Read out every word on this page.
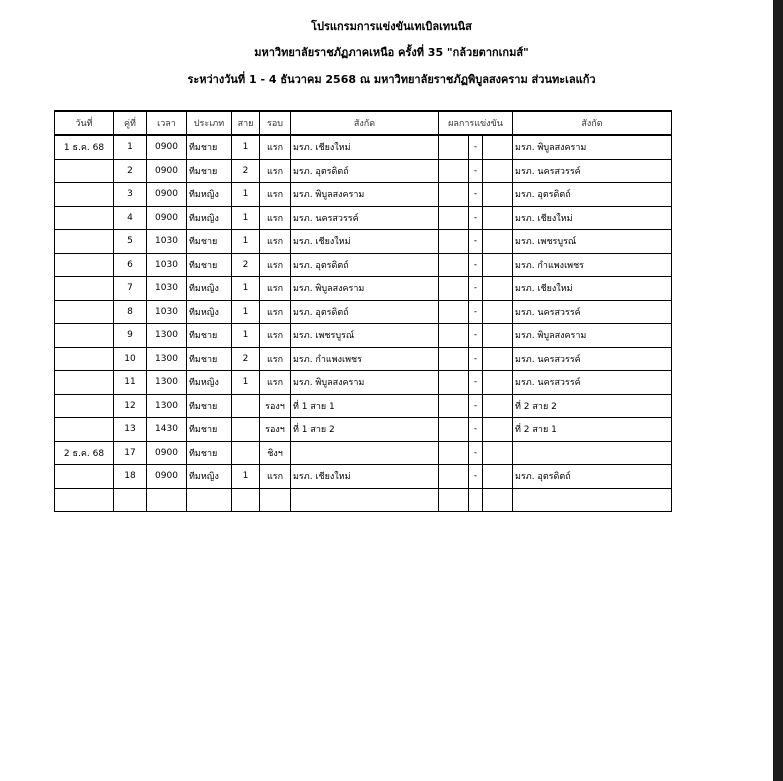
โปรแกรมการแข่งขันเทเบิลเทนนิส
มหาวิทยาลัยราชภัฏภาคเหนือ ครั้งที่ 35 "กล้วยตากเกมส์"
ระหว่างวันที่ 1 - 4 ธันวาคม 2568 ณ มหาวิทยาลัยราชภัฏพิบูลสงคราม ส่วนทะเลแก้ว
วันที่	คู่ที่	เวลา	ประเภท	สาย	รอบ	สังกัด	ผลการแข่งขัน			สังกัด
1 ธ.ค. 68	1	0900	ทีมชาย	1	แรก	มรภ. เชียงใหม่		-		มรภ. พิบูลสงคราม
	2	0900	ทีมชาย	2	แรก	มรภ. อุตรดิตถ์		-		มรภ. นครสวรรค์
	3	0900	ทีมหญิง	1	แรก	มรภ. พิบูลสงคราม		-		มรภ. อุตรดิตถ์
	4	0900	ทีมหญิง	1	แรก	มรภ. นครสวรรค์		-		มรภ. เชียงใหม่
	5	1030	ทีมชาย	1	แรก	มรภ. เชียงใหม่		-		มรภ. เพชรบูรณ์
	6	1030	ทีมชาย	2	แรก	มรภ. อุตรดิตถ์		-		มรภ. กำแพงเพชร
	7	1030	ทีมหญิง	1	แรก	มรภ. พิบูลสงคราม		-		มรภ. เชียงใหม่
	8	1030	ทีมหญิง	1	แรก	มรภ. อุตรดิตถ์		-		มรภ. นครสวรรค์
	9	1300	ทีมชาย	1	แรก	มรภ. เพชรบูรณ์		-		มรภ. พิบูลสงคราม
	10	1300	ทีมชาย	2	แรก	มรภ. กำแพงเพชร		-		มรภ. นครสวรรค์
	11	1300	ทีมหญิง	1	แรก	มรภ. พิบูลสงคราม		-		มรภ. นครสวรรค์
	12	1300	ทีมชาย		รองฯ	ที่ 1 สาย 1		-		ที่ 2 สาย 2
	13	1430	ทีมชาย		รองฯ	ที่ 1 สาย 2		-		ที่ 2 สาย 1
2 ธ.ค. 68	17	0900	ทีมชาย		ชิงฯ			-		
	18	0900	ทีมหญิง	1	แรก	มรภ. เชียงใหม่		-		มรภ. อุตรดิตถ์
